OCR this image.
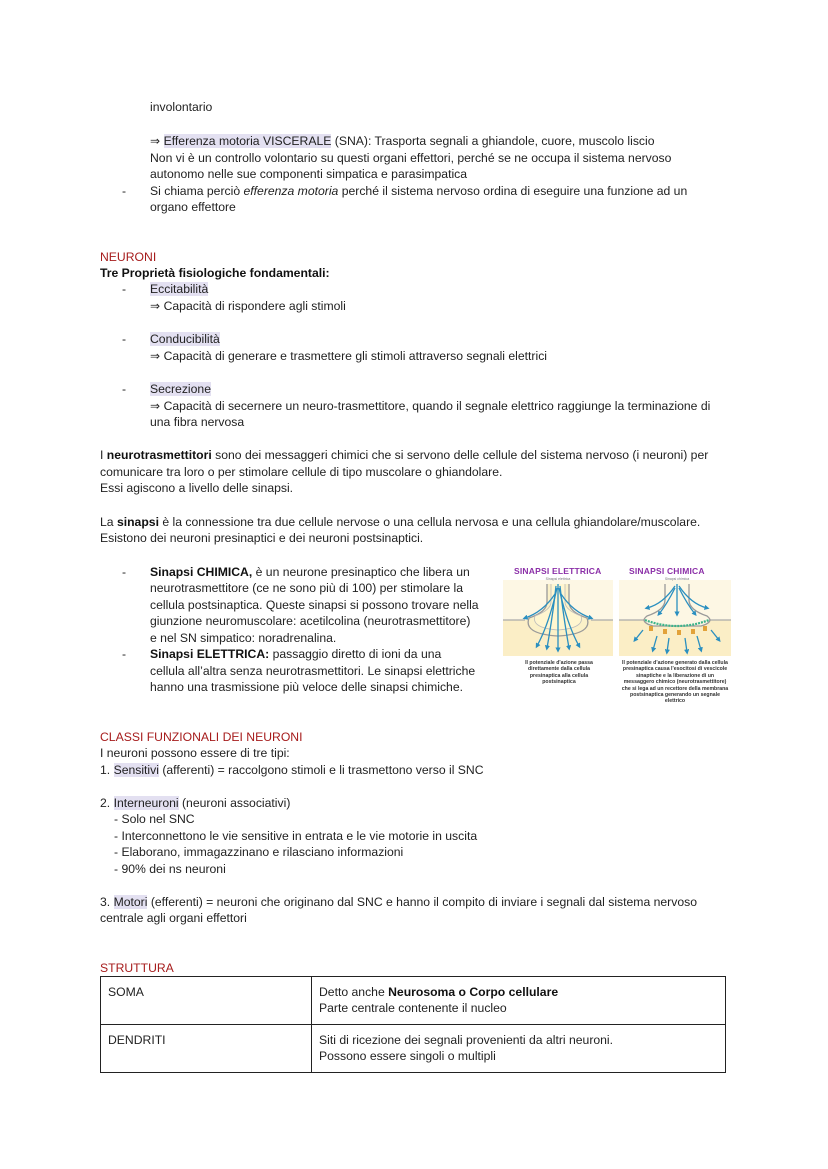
involontario
⇒ Efferenza motoria VISCERALE (SNA): Trasporta segnali a ghiandole, cuore, muscolo liscio
Non vi è un controllo volontario su questi organi effettori, perché se ne occupa il sistema nervoso
autonomo nelle sue componenti simpatica e parasimpatica
- Si chiama perciò efferenza motoria perché il sistema nervoso ordina di eseguire una funzione ad un
organo effettore
NEURONI
Tre Proprietà fisiologiche fondamentali:
- Eccitabilità
⇒ Capacità di rispondere agli stimoli
- Conducibilità
⇒ Capacità di generare e trasmettere gli stimoli attraverso segnali elettrici
- Secrezione
⇒ Capacità di secernere un neuro-trasmettitore, quando il segnale elettrico raggiunge la terminazione di
una fibra nervosa
I neurotrasmettitori sono dei messaggeri chimici che si servono delle cellule del sistema nervoso (i neuroni) per
comunicare tra loro o per stimolare cellule di tipo muscolare o ghiandolare.
Essi agiscono a livello delle sinapsi.
La sinapsi è la connessione tra due cellule nervose o una cellula nervosa e una cellula ghiandolare/muscolare.
Esistono dei neuroni presinaptici e dei neuroni postsinaptici.
- Sinapsi CHIMICA, è un neurone presinaptico che libera un
neurotrasmettitore (ce ne sono più di 100) per stimolare la
cellula postsinaptica. Queste sinapsi si possono trovare nella
giunzione neuromuscolare: acetilcolina (neurotrasmettitore)
e nel SN simpatico: noradrenalina.
- Sinapsi ELETTRICA: passaggio diretto di ioni da una
cellula all’altra senza neurotrasmettitori. Le sinapsi elettriche
hanno una trasmissione più veloce delle sinapsi chimiche.
SINAPSI ELETTRICA	SINAPSI CHIMICA
Sinapsi elettrica	Sinapsi chimica
Il potenziale d'azione passa direttamente dalla cellula presinaptica alla cellula postsinaptica
Il potenziale d'azione generato dalla cellula presinaptica causa l'esocitosi di vescicole sinaptiche e la liberazione di un messaggero chimico (neurotrasmettitore) che si lega ad un recettore della membrana postsinaptica generando un segnale elettrico
CLASSI FUNZIONALI DEI NEURONI
I neuroni possono essere di tre tipi:
1. Sensitivi (afferenti) = raccolgono stimoli e li trasmettono verso il SNC
2. Interneuroni (neuroni associativi)
- Solo nel SNC
- Interconnettono le vie sensitive in entrata e le vie motorie in uscita
- Elaborano, immagazzinano e rilasciano informazioni
- 90% dei ns neuroni
3. Motori (efferenti) = neuroni che originano dal SNC e hanno il compito di inviare i segnali dal sistema nervoso
centrale agli organi effettori
STRUTTURA
SOMA	Detto anche Neurosoma o Corpo cellulare
Parte centrale contenente il nucleo
DENDRITI	Siti di ricezione dei segnali provenienti da altri neuroni.
Possono essere singoli o multipli
